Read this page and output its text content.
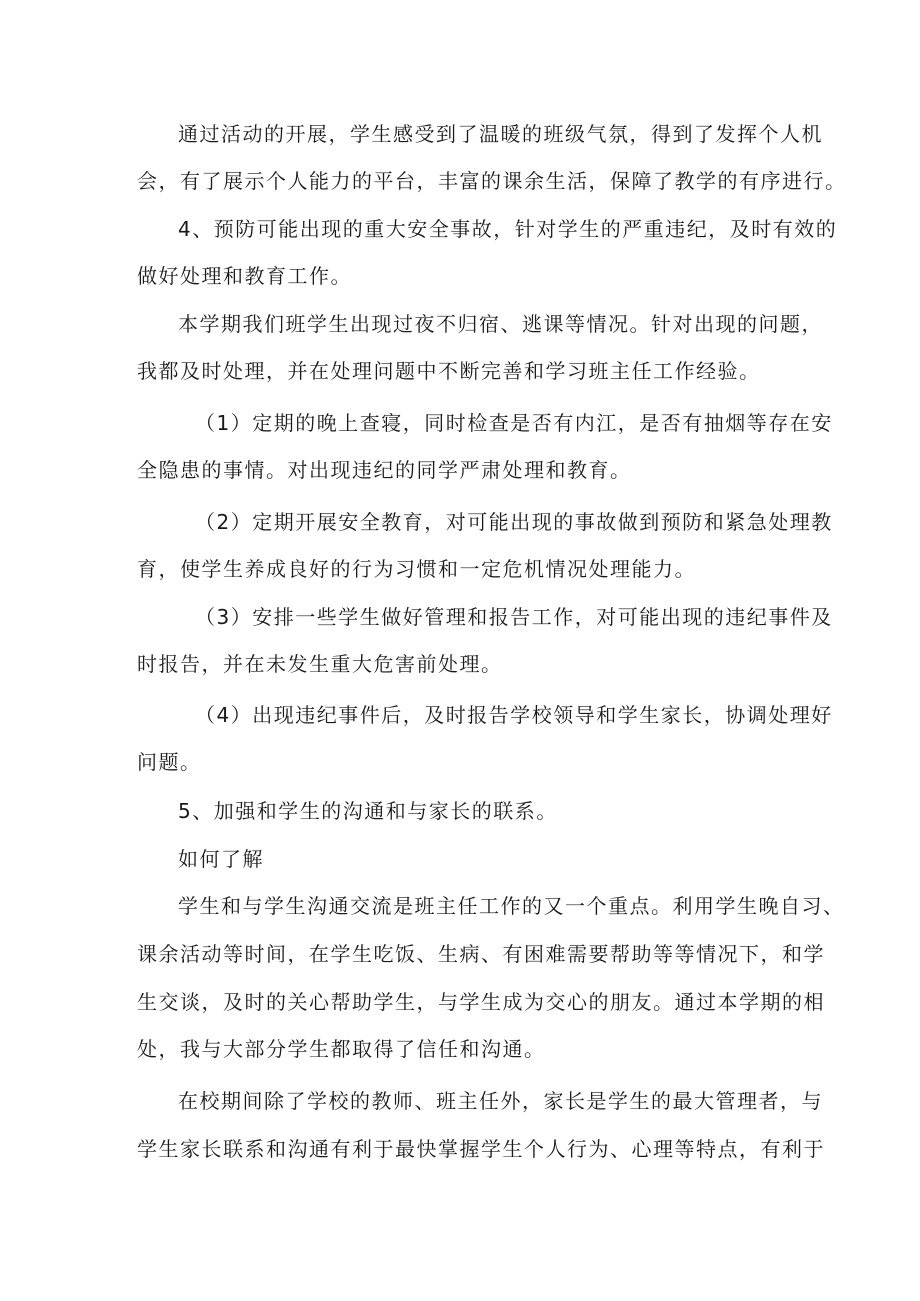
通过活动的开展，学生感受到了温暖的班级气氛，得到了发挥个人机
会，有了展示个人能力的平台，丰富的课余生活，保障了教学的有序进行。
4、预防可能出现的重大安全事故，针对学生的严重违纪，及时有效的
做好处理和教育工作。
本学期我们班学生出现过夜不归宿、逃课等情况。针对出现的问题，
我都及时处理，并在处理问题中不断完善和学习班主任工作经验。
（1）定期的晚上查寝，同时检查是否有内江，是否有抽烟等存在安
全隐患的事情。对出现违纪的同学严肃处理和教育。
（2）定期开展安全教育，对可能出现的事故做到预防和紧急处理教
育，使学生养成良好的行为习惯和一定危机情况处理能力。
（3）安排一些学生做好管理和报告工作，对可能出现的违纪事件及
时报告，并在未发生重大危害前处理。
（4）出现违纪事件后，及时报告学校领导和学生家长，协调处理好
问题。
5、加强和学生的沟通和与家长的联系。
如何了解
学生和与学生沟通交流是班主任工作的又一个重点。利用学生晚自习、
课余活动等时间，在学生吃饭、生病、有困难需要帮助等等情况下，和学
生交谈，及时的关心帮助学生，与学生成为交心的朋友。通过本学期的相
处，我与大部分学生都取得了信任和沟通。
在校期间除了学校的教师、班主任外，家长是学生的最大管理者，与
学生家长联系和沟通有利于最快掌握学生个人行为、心理等特点，有利于
